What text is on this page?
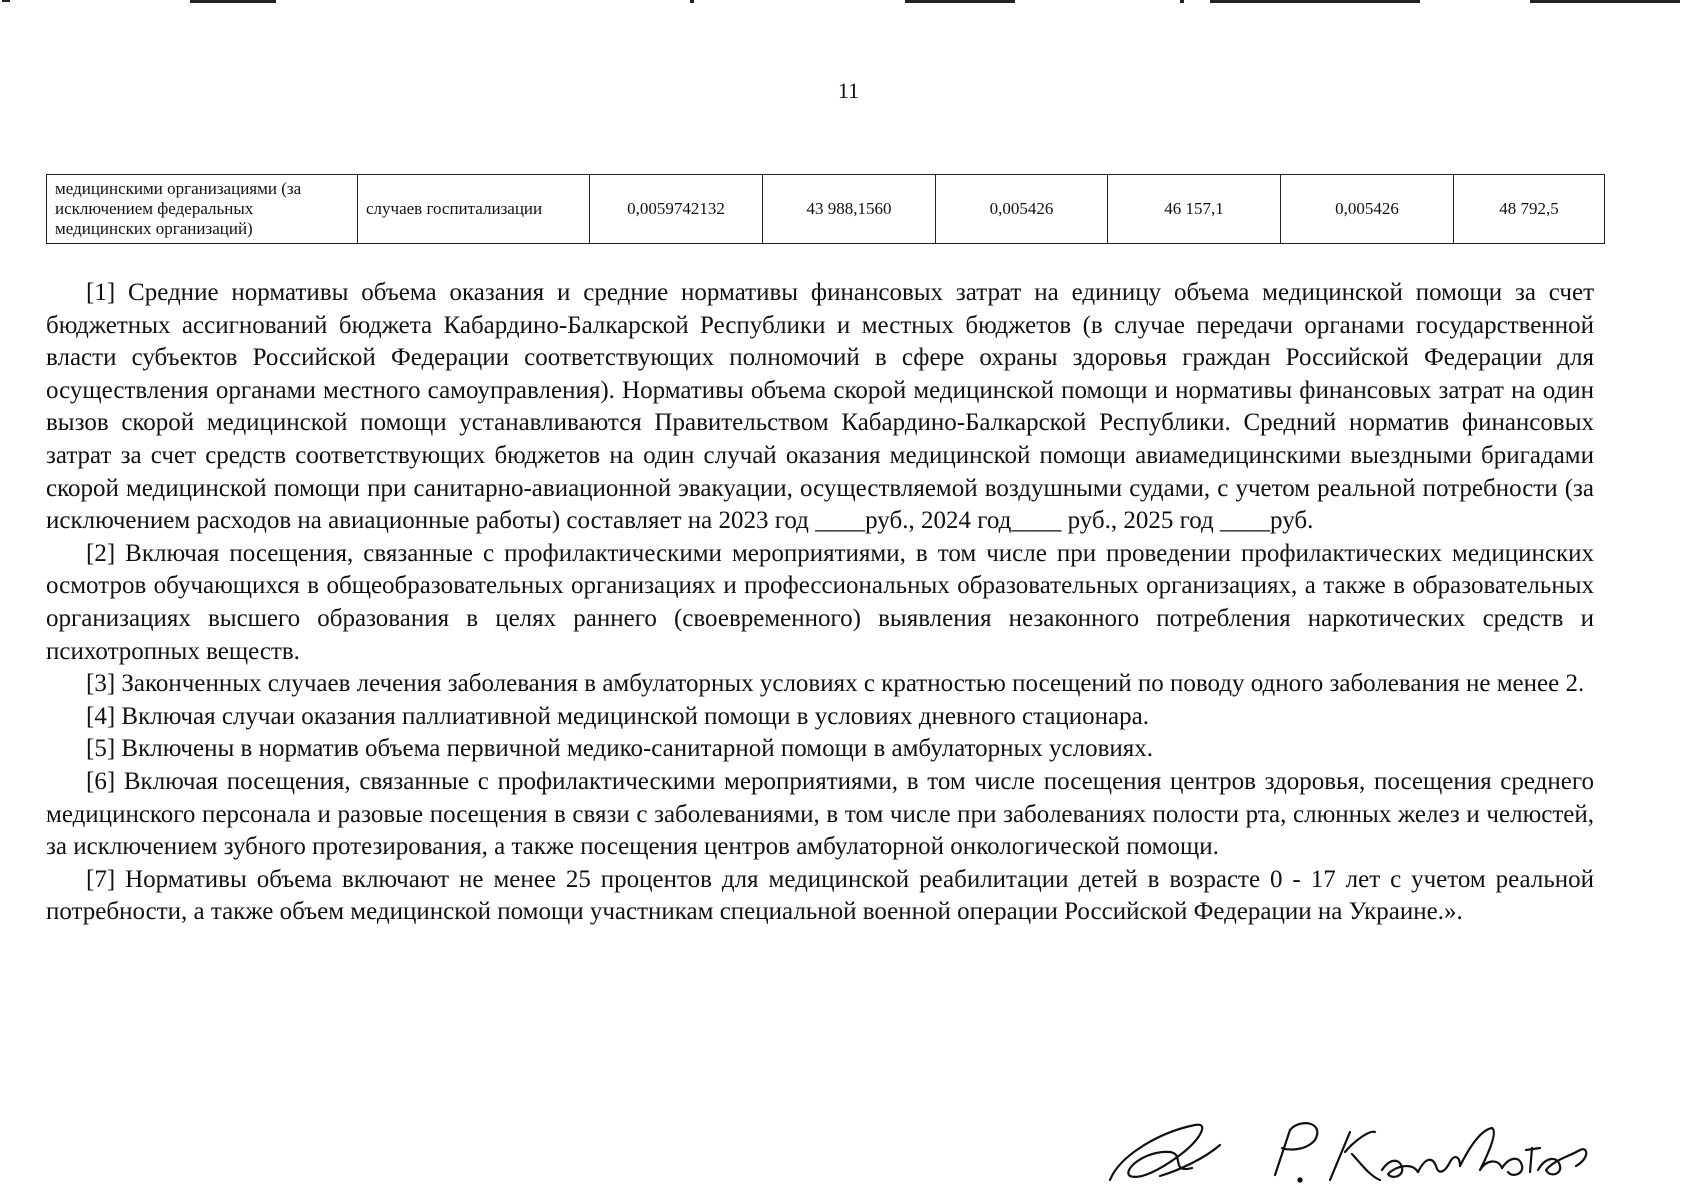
11
медицинскими организациями (за исключением федеральных медицинских организаций)	случаев госпитализации	0,0059742132	43 988,1560	0,005426	46 157,1	0,005426	48 792,5

[1] Средние нормативы объема оказания и средние нормативы финансовых затрат на единицу объема медицинской помощи за счет бюджетных ассигнований бюджета Кабардино-Балкарской Республики и местных бюджетов (в случае передачи органами государственной власти субъектов Российской Федерации соответствующих полномочий в сфере охраны здоровья граждан Российской Федерации для осуществления органами местного самоуправления). Нормативы объема скорой медицинской помощи и нормативы финансовых затрат на один вызов скорой медицинской помощи устанавливаются Правительством Кабардино-Балкарской Республики. Средний норматив финансовых затрат за счет средств соответствующих бюджетов на один случай оказания медицинской помощи авиамедицинскими выездными бригадами скорой медицинской помощи при санитарно-авиационной эвакуации, осуществляемой воздушными судами, с учетом реальной потребности (за исключением расходов на авиационные работы) составляет на 2023 год ____руб., 2024 год____ руб., 2025 год ____руб.

[2] Включая посещения, связанные с профилактическими мероприятиями, в том числе при проведении профилактических медицинских осмотров обучающихся в общеобразовательных организациях и профессиональных образовательных организациях, а также в образовательных организациях высшего образования в целях раннего (своевременного) выявления незаконного потребления наркотических средств и психотропных веществ.

[3] Законченных случаев лечения заболевания в амбулаторных условиях с кратностью посещений по поводу одного заболевания не менее 2.

[4] Включая случаи оказания паллиативной медицинской помощи в условиях дневного стационара.

[5] Включены в норматив объема первичной медико-санитарной помощи в амбулаторных условиях.

[6] Включая посещения, связанные с профилактическими мероприятиями, в том числе посещения центров здоровья, посещения среднего медицинского персонала и разовые посещения в связи с заболеваниями, в том числе при заболеваниях полости рта, слюнных желез и челюстей, за исключением зубного протезирования, а также посещения центров амбулаторной онкологической помощи.

[7] Нормативы объема включают не менее 25 процентов для медицинской реабилитации детей в возрасте 0 - 17 лет с учетом реальной потребности, а также объем медицинской помощи участникам специальной военной операции Российской Федерации на Украине.».
